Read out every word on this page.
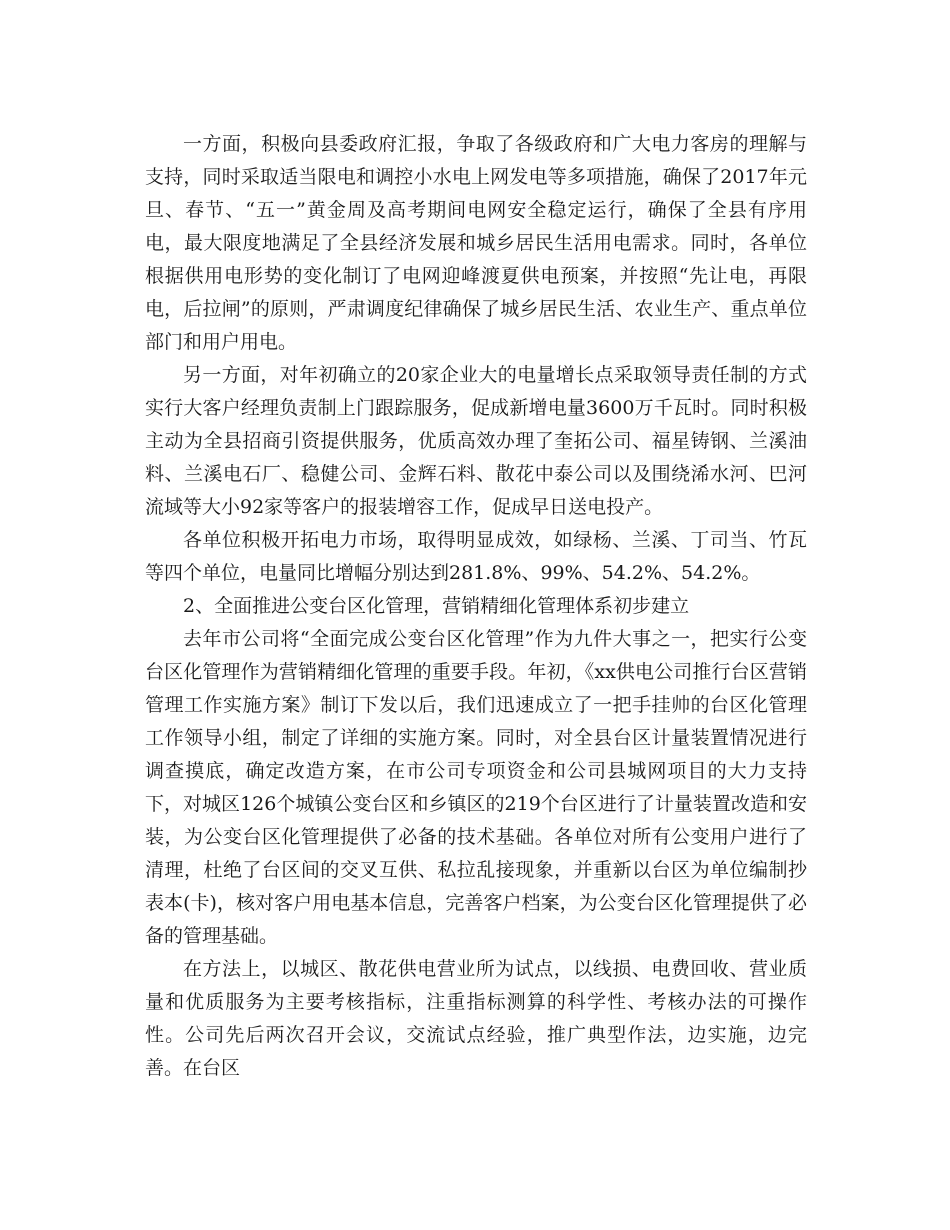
一方面，积极向县委政府汇报，争取了各级政府和广大电力客房的理解与支持，同时采取适当限电和调控小水电上网发电等多项措施，确保了2017年元旦、春节、“五一”黄金周及高考期间电网安全稳定运行，确保了全县有序用电，最大限度地满足了全县经济发展和城乡居民生活用电需求。同时，各单位根据供用电形势的变化制订了电网迎峰渡夏供电预案，并按照“先让电，再限电，后拉闸”的原则，严肃调度纪律确保了城乡居民生活、农业生产、重点单位部门和用户用电。

另一方面，对年初确立的20家企业大的电量增长点采取领导责任制的方式实行大客户经理负责制上门跟踪服务，促成新增电量3600万千瓦时。同时积极主动为全县招商引资提供服务，优质高效办理了奎拓公司、福星铸钢、兰溪油料、兰溪电石厂、稳健公司、金辉石料、散花中泰公司以及围绕浠水河、巴河流域等大小92家等客户的报装增容工作，促成早日送电投产。

各单位积极开拓电力市场，取得明显成效，如绿杨、兰溪、丁司当、竹瓦等四个单位，电量同比增幅分别达到281.8%、99%、54.2%、54.2%。

2、全面推进公变台区化管理，营销精细化管理体系初步建立

去年市公司将“全面完成公变台区化管理”作为九件大事之一，把实行公变台区化管理作为营销精细化管理的重要手段。年初，《xx供电公司推行台区营销管理工作实施方案》制订下发以后，我们迅速成立了一把手挂帅的台区化管理工作领导小组，制定了详细的实施方案。同时，对全县台区计量装置情况进行调查摸底，确定改造方案，在市公司专项资金和公司县城网项目的大力支持下，对城区126个城镇公变台区和乡镇区的219个台区进行了计量装置改造和安装，为公变台区化管理提供了必备的技术基础。各单位对所有公变用户进行了清理，杜绝了台区间的交叉互供、私拉乱接现象，并重新以台区为单位编制抄表本(卡)，核对客户用电基本信息，完善客户档案，为公变台区化管理提供了必备的管理基础。

在方法上，以城区、散花供电营业所为试点，以线损、电费回收、营业质量和优质服务为主要考核指标，注重指标测算的科学性、考核办法的可操作性。公司先后两次召开会议，交流试点经验，推广典型作法，边实施，边完善。在台区
